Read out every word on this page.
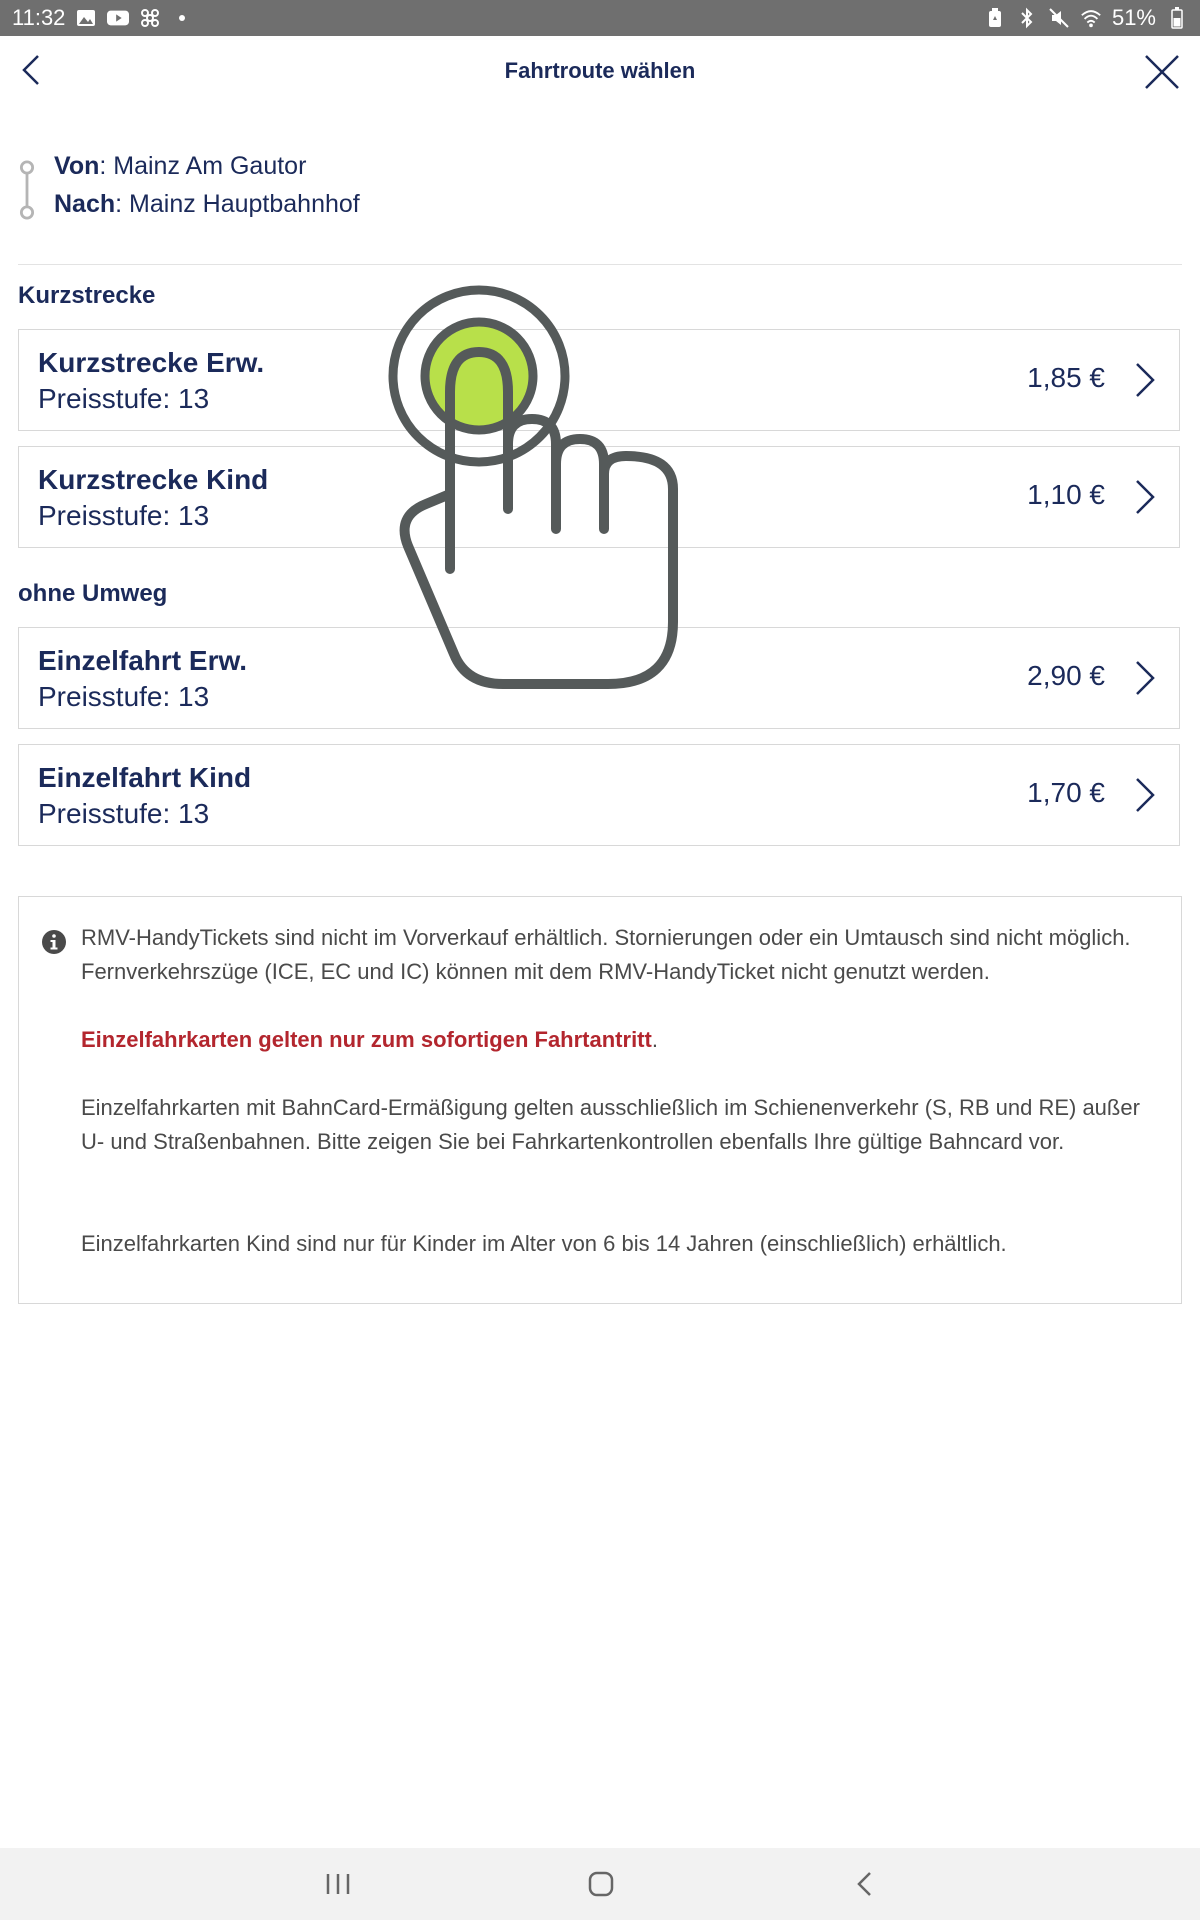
11:32	51%
Fahrtroute wählen
Von: Mainz Am Gautor
Nach: Mainz Hauptbahnhof
Kurzstrecke
Kurzstrecke Erw.
Preisstufe: 13
1,85 €
Kurzstrecke Kind
Preisstufe: 13
1,10 €
ohne Umweg
Einzelfahrt Erw.
Preisstufe: 13
2,90 €
Einzelfahrt Kind
Preisstufe: 13
1,70 €
RMV-HandyTickets sind nicht im Vorverkauf erhältlich. Stornierungen oder ein Umtausch sind nicht möglich. Fernverkehrszüge (ICE, EC und IC) können mit dem RMV-HandyTicket nicht genutzt werden.
Einzelfahrkarten gelten nur zum sofortigen Fahrtantritt.
Einzelfahrkarten mit BahnCard-Ermäßigung gelten ausschließlich im Schienenverkehr (S, RB und RE) außer U- und Straßenbahnen. Bitte zeigen Sie bei Fahrkartenkontrollen ebenfalls Ihre gültige Bahncard vor.
Einzelfahrkarten Kind sind nur für Kinder im Alter von 6 bis 14 Jahren (einschließlich) erhältlich.
